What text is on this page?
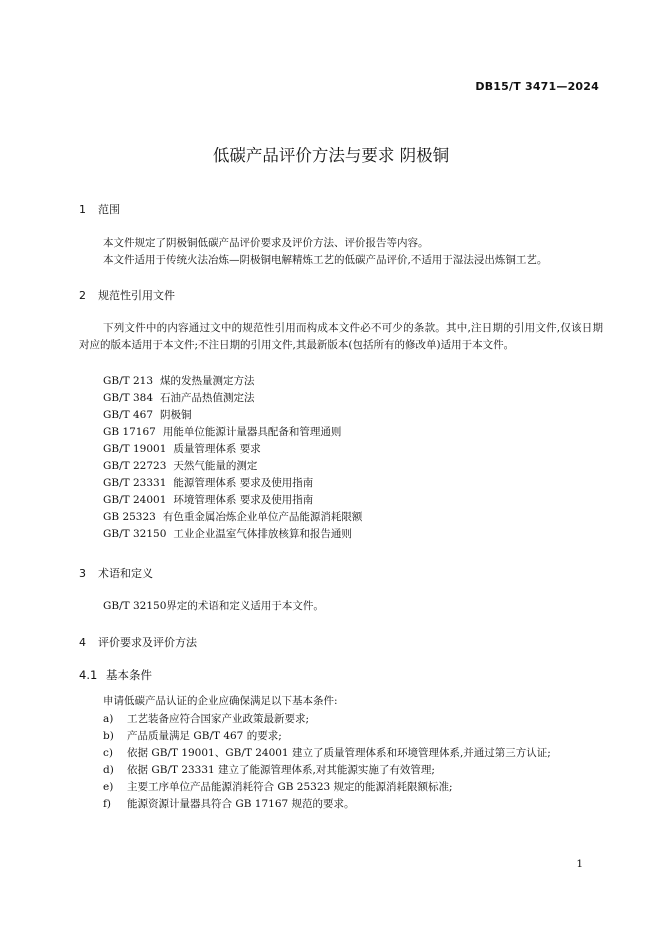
DB15/T 3471—2024
低碳产品评价方法与要求 阴极铜
1 范围
本文件规定了阴极铜低碳产品评价要求及评价方法、评价报告等内容。
本文件适用于传统火法冶炼—阴极铜电解精炼工艺的低碳产品评价,不适用于湿法浸出炼铜工艺。
2 规范性引用文件
下列文件中的内容通过文中的规范性引用而构成本文件必不可少的条款。其中,注日期的引用文件,仅该日期对应的版本适用于本文件;不注日期的引用文件,其最新版本(包括所有的修改单)适用于本文件。
GB/T 213 煤的发热量测定方法
GB/T 384 石油产品热值测定法
GB/T 467 阴极铜
GB 17167 用能单位能源计量器具配备和管理通则
GB/T 19001 质量管理体系 要求
GB/T 22723 天然气能量的测定
GB/T 23331 能源管理体系 要求及使用指南
GB/T 24001 环境管理体系 要求及使用指南
GB 25323 有色重金属冶炼企业单位产品能源消耗限额
GB/T 32150 工业企业温室气体排放核算和报告通则
3 术语和定义
GB/T 32150界定的术语和定义适用于本文件。
4 评价要求及评价方法
4.1 基本条件
申请低碳产品认证的企业应确保满足以下基本条件:
a) 工艺装备应符合国家产业政策最新要求;
b) 产品质量满足 GB/T 467 的要求;
c) 依据 GB/T 19001、GB/T 24001 建立了质量管理体系和环境管理体系,并通过第三方认证;
d) 依据 GB/T 23331 建立了能源管理体系,对其能源实施了有效管理;
e) 主要工序单位产品能源消耗符合 GB 25323 规定的能源消耗限额标准;
f) 能源资源计量器具符合 GB 17167 规范的要求。
1
